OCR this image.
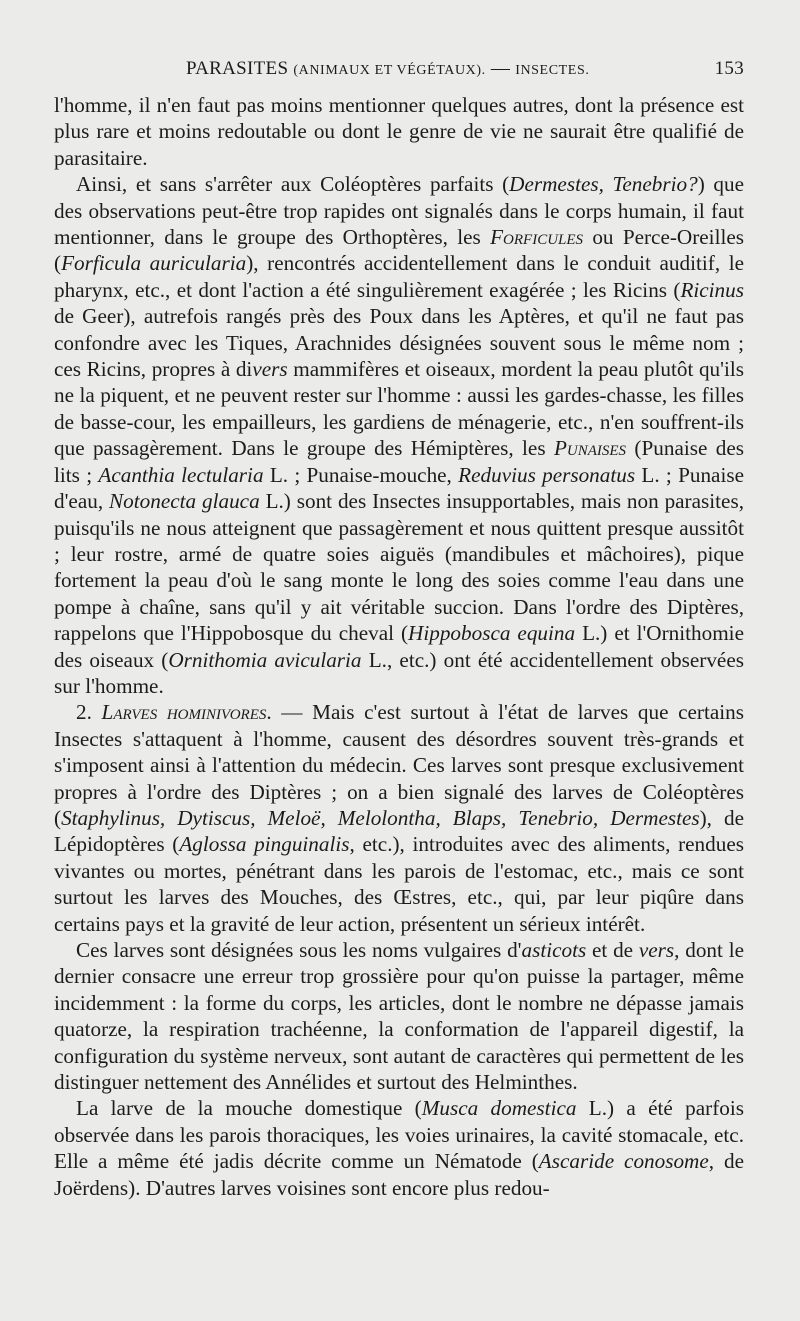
PARASITES (ANIMAUX ET VÉGÉTAUX). — INSECTES.	153

l'homme, il n'en faut pas moins mentionner quelques autres, dont la présence est plus rare et moins redoutable ou dont le genre de vie ne saurait être qualifié de parasitaire.

Ainsi, et sans s'arrêter aux Coléoptères parfaits (Dermestes, Tenebrio?) que des observations peut-être trop rapides ont signalés dans le corps humain, il faut mentionner, dans le groupe des Orthoptères, les Forficules ou Perce-Oreilles (Forficula auricularia), rencontrés accidentellement dans le conduit auditif, le pharynx, etc., et dont l'action a été singulièrement exagérée ; les Ricins (Ricinus de Geer), autrefois rangés près des Poux dans les Aptères, et qu'il ne faut pas confondre avec les Tiques, Arachnides désignées souvent sous le même nom ; ces Ricins, propres à divers mammifères et oiseaux, mordent la peau plutôt qu'ils ne la piquent, et ne peuvent rester sur l'homme : aussi les gardes-chasse, les filles de basse-cour, les empailleurs, les gardiens de ménagerie, etc., n'en souffrent-ils que passagèrement. Dans le groupe des Hémiptères, les Punaises (Punaise des lits ; Acanthia lectularia L. ; Punaise-mouche, Reduvius personatus L. ; Punaise d'eau, Notonecta glauca L.) sont des Insectes insupportables, mais non parasites, puisqu'ils ne nous atteignent que passagèrement et nous quittent presque aussitôt ; leur rostre, armé de quatre soies aiguës (mandibules et mâchoires), pique fortement la peau d'où le sang monte le long des soies comme l'eau dans une pompe à chaîne, sans qu'il y ait véritable succion. Dans l'ordre des Diptères, rappelons que l'Hippobosque du cheval (Hippobosca equina L.) et l'Ornithomie des oiseaux (Ornithomia avicularia L., etc.) ont été accidentellement observées sur l'homme.

2. Larves hominivores. — Mais c'est surtout à l'état de larves que certains Insectes s'attaquent à l'homme, causent des désordres souvent très-grands et s'imposent ainsi à l'attention du médecin. Ces larves sont presque exclusivement propres à l'ordre des Diptères ; on a bien signalé des larves de Coléoptères (Staphylinus, Dytiscus, Meloë, Melolontha, Blaps, Tenebrio, Dermestes), de Lépidoptères (Aglossa pinguinalis, etc.), introduites avec des aliments, rendues vivantes ou mortes, pénétrant dans les parois de l'estomac, etc., mais ce sont surtout les larves des Mouches, des Œstres, etc., qui, par leur piqûre dans certains pays et la gravité de leur action, présentent un sérieux intérêt.

Ces larves sont désignées sous les noms vulgaires d'asticots et de vers, dont le dernier consacre une erreur trop grossière pour qu'on puisse la partager, même incidemment : la forme du corps, les articles, dont le nombre ne dépasse jamais quatorze, la respiration trachéenne, la conformation de l'appareil digestif, la configuration du système nerveux, sont autant de caractères qui permettent de les distinguer nettement des Annélides et surtout des Helminthes.

La larve de la mouche domestique (Musca domestica L.) a été parfois observée dans les parois thoraciques, les voies urinaires, la cavité stomacale, etc. Elle a même été jadis décrite comme un Nématode (Ascaride conosome, de Joërdens). D'autres larves voisines sont encore plus redou-
